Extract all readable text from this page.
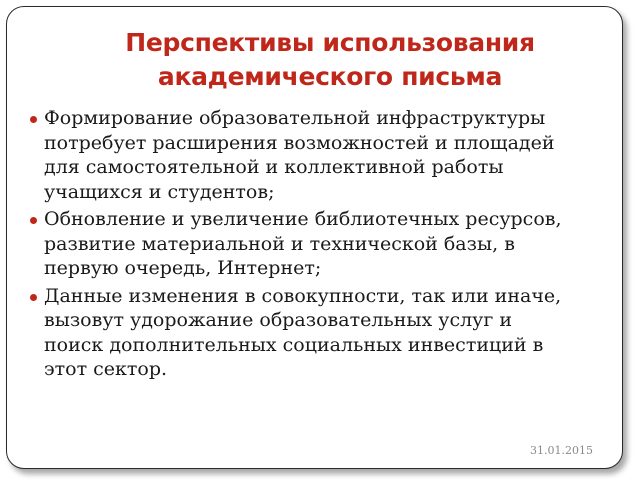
Перспективы использования
академического письма
Формирование образовательной инфраструктуры
потребует расширения возможностей и площадей
для самостоятельной и коллективной работы
учащихся и студентов;
Обновление и увеличение библиотечных ресурсов,
развитие материальной и технической базы, в
первую очередь, Интернет;
Данные изменения в совокупности, так или иначе,
вызовут удорожание образовательных услуг и
поиск дополнительных социальных инвестиций в
этот сектор.
31.01.2015
